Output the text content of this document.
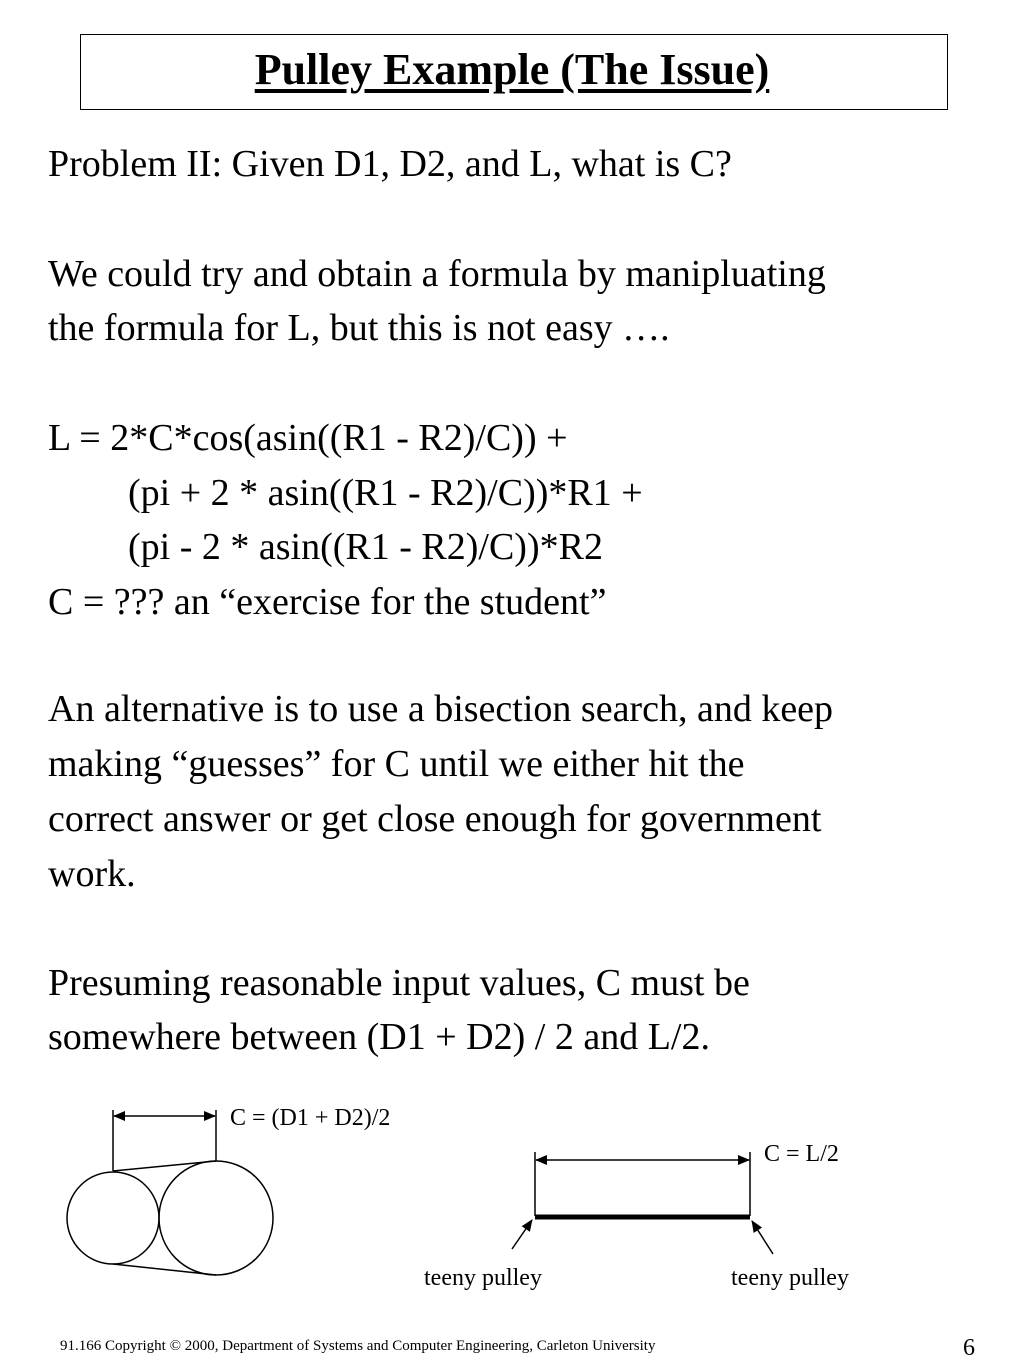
Pulley Example (The Issue)
Problem II: Given D1, D2, and L, what is C?
We could try and obtain a formula by manipluating
the formula for L, but this is not easy ….
L = 2*C*cos(asin((R1 - R2)/C)) +
(pi + 2 * asin((R1 - R2)/C))*R1 +
(pi - 2 * asin((R1 - R2)/C))*R2
C = ??? an “exercise for the student”
An alternative is to use a bisection search, and keep
making “guesses” for C until we either hit the
correct answer or get close enough for government
work.
Presuming reasonable input values, C must be
somewhere between (D1 + D2) / 2 and L/2.
C = (D1 + D2)/2
C = L/2
teeny pulley	teeny pulley
91.166 Copyright © 2000, Department of Systems and Computer Engineering, Carleton University	6
